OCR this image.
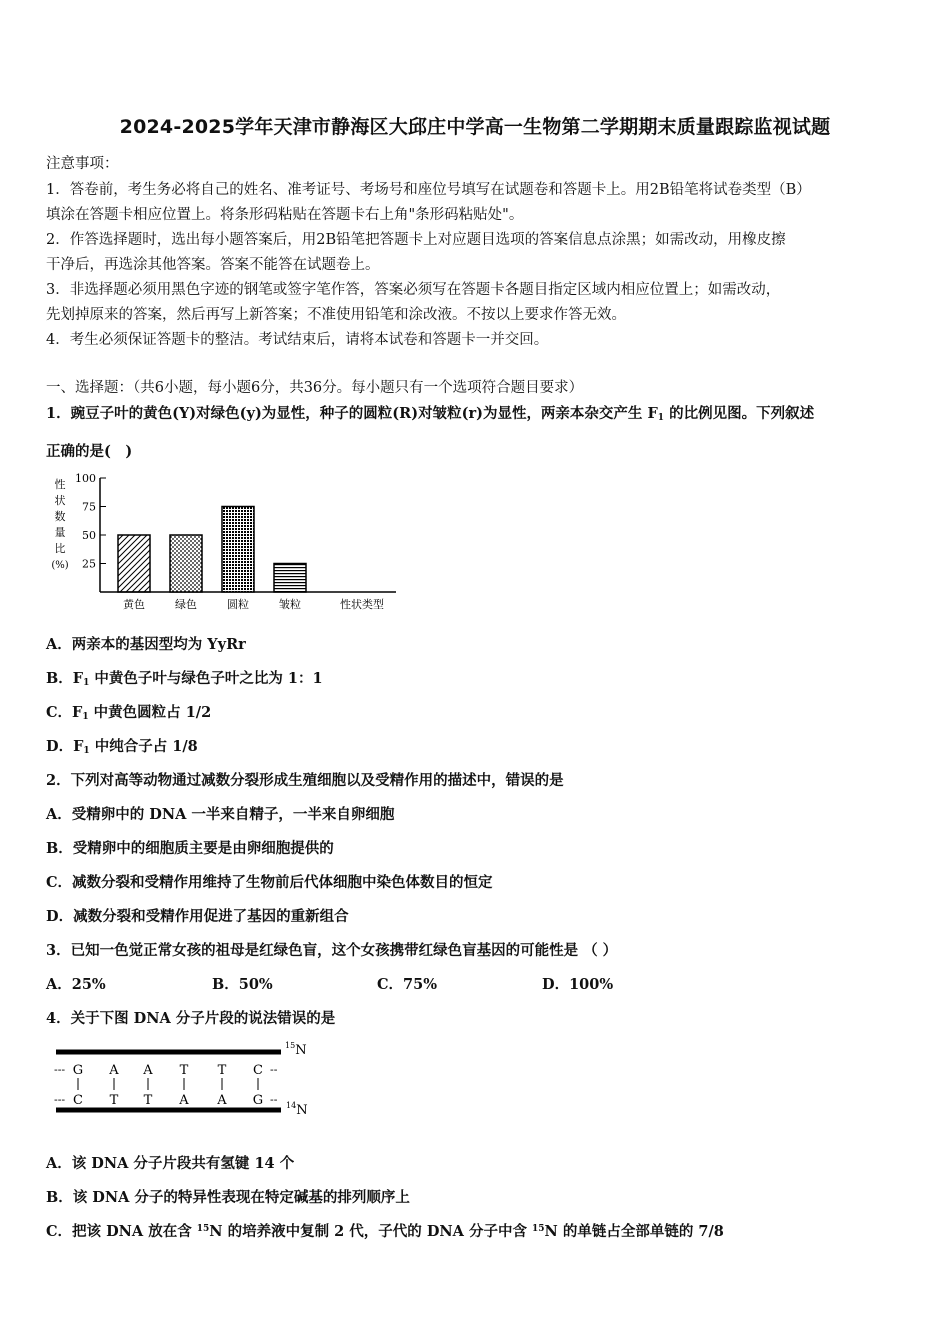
2024-2025学年天津市静海区大邱庄中学高一生物第二学期期末质量跟踪监视试题
注意事项：
1．答卷前，考生务必将自己的姓名、准考证号、考场号和座位号填写在试题卷和答题卡上。用2B铅笔将试卷类型（B）
填涂在答题卡相应位置上。将条形码粘贴在答题卡右上角"条形码粘贴处"。
2．作答选择题时，选出每小题答案后，用2B铅笔把答题卡上对应题目选项的答案信息点涂黑；如需改动，用橡皮擦
干净后，再选涂其他答案。答案不能答在试题卷上。
3．非选择题必须用黑色字迹的钢笔或签字笔作答，答案必须写在答题卡各题目指定区域内相应位置上；如需改动，
先划掉原来的答案，然后再写上新答案；不准使用铅笔和涂改液。不按以上要求作答无效。
4．考生必须保证答题卡的整洁。考试结束后，请将本试卷和答题卡一并交回。
一、选择题：（共6小题，每小题6分，共36分。每小题只有一个选项符合题目要求）
1．豌豆子叶的黄色(Y)对绿色(y)为显性，种子的圆粒(R)对皱粒(r)为显性，两亲本杂交产生 $F_1$ 的比例见图。下列叙述
正确的是(　)
性
状
数
量
比
(%) 25
50
75
100
黄色	绿色	圆粒	皱粒	性状类型
A．两亲本的基因型均为 YyRr
B．$F_1$ 中黄色子叶与绿色子叶之比为 1：1
C．$F_1$ 中黄色圆粒占 1/2
D．$F_1$ 中纯合子占 1/8
2．下列对高等动物通过减数分裂形成生殖细胞以及受精作用的描述中，错误的是
A．受精卵中的 DNA 一半来自精子，一半来自卵细胞
B．受精卵中的细胞质主要是由卵细胞提供的
C．减数分裂和受精作用维持了生物前后代体细胞中染色体数目的恒定
D．减数分裂和受精作用促进了基因的重新组合
3．已知一色觉正常女孩的祖母是红绿色盲，这个女孩携带红绿色盲基因的可能性是 （ ）
A．25%	B．50%	C．75%	D．100%
4．关于下图 DNA 分子片段的说法错误的是
---
---
--
--
G
C
A
T
A
T
T
A
T
A
C
G
$^{15}$N
$^{14}$N
A．该 DNA 分子片段共有氢键 14 个
B．该 DNA 分子的特异性表现在特定碱基的排列顺序上
C．把该 DNA 放在含 $^{15}$N 的培养液中复制 2 代，子代的 DNA 分子中含 $^{15}$N 的单链占全部单链的 7/8
